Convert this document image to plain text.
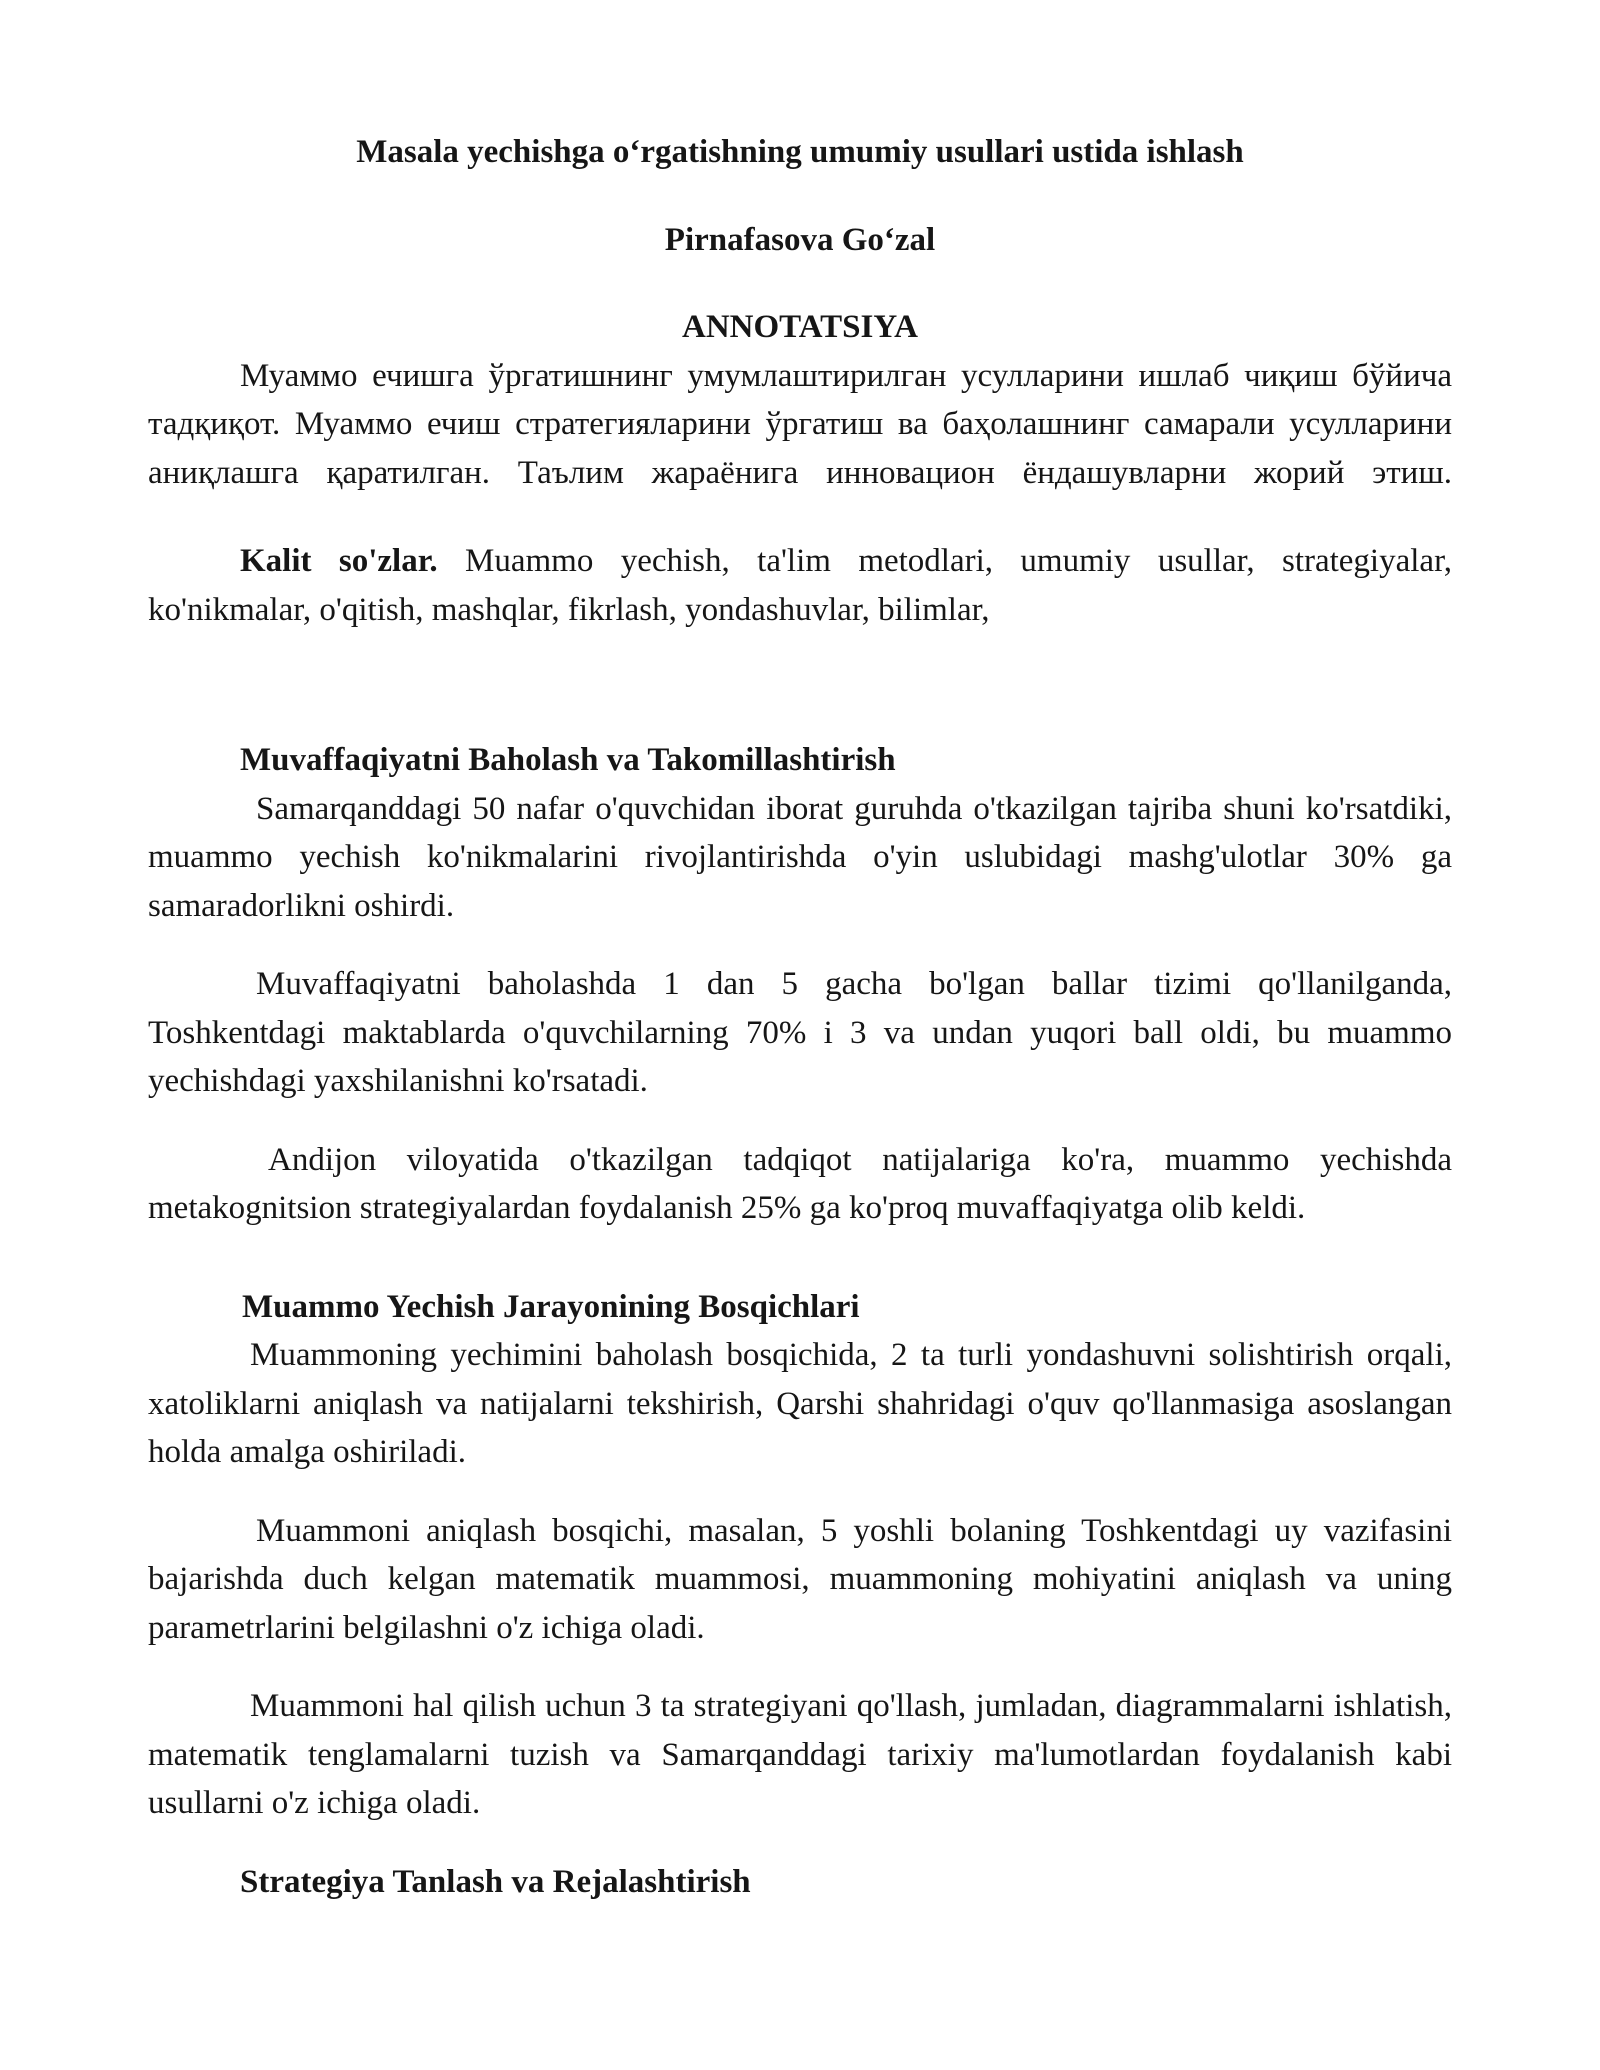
Masala yechishga o‘rgatishning umumiy usullari ustida ishlash

Pirnafasova Go‘zal

ANNOTATSIYA

Муаммо ечишга ўргатишнинг умумлаштирилган усулларини ишлаб чиқиш бўйича тадқиқот. Муаммо ечиш стратегияларини ўргатиш ва баҳолашнинг самарали усулларини аниқлашга қаратилган. Таълим жараёнига инновацион ёндашувларни жорий этиш.

Kalit so'zlar. Muammo yechish, ta'lim metodlari, umumiy usullar, strategiyalar, ko'nikmalar, o'qitish, mashqlar, fikrlash, yondashuvlar, bilimlar,

Muvaffaqiyatni Baholash va Takomillashtirish

Samarqanddagi 50 nafar o'quvchidan iborat guruhda o'tkazilgan tajriba shuni ko'rsatdiki, muammo yechish ko'nikmalarini rivojlantirishda o'yin uslubidagi mashg'ulotlar 30% ga samaradorlikni oshirdi.

Muvaffaqiyatni baholashda 1 dan 5 gacha bo'lgan ballar tizimi qo'llanilganda, Toshkentdagi maktablarda o'quvchilarning 70% i 3 va undan yuqori ball oldi, bu muammo yechishdagi yaxshilanishni ko'rsatadi.

Andijon viloyatida o'tkazilgan tadqiqot natijalariga ko'ra, muammo yechishda metakognitsion strategiyalardan foydalanish 25% ga ko'proq muvaffaqiyatga olib keldi.

Muammo Yechish Jarayonining Bosqichlari

Muammoning yechimini baholash bosqichida, 2 ta turli yondashuvni solishtirish orqali, xatoliklarni aniqlash va natijalarni tekshirish, Qarshi shahridagi o'quv qo'llanmasiga asoslangan holda amalga oshiriladi.

Muammoni aniqlash bosqichi, masalan, 5 yoshli bolaning Toshkentdagi uy vazifasini bajarishda duch kelgan matematik muammosi, muammoning mohiyatini aniqlash va uning parametrlarini belgilashni o'z ichiga oladi.

Muammoni hal qilish uchun 3 ta strategiyani qo'llash, jumladan, diagrammalarni ishlatish, matematik tenglamalarni tuzish va Samarqanddagi tarixiy ma'lumotlardan foydalanish kabi usullarni o'z ichiga oladi.

Strategiya Tanlash va Rejalashtirish
